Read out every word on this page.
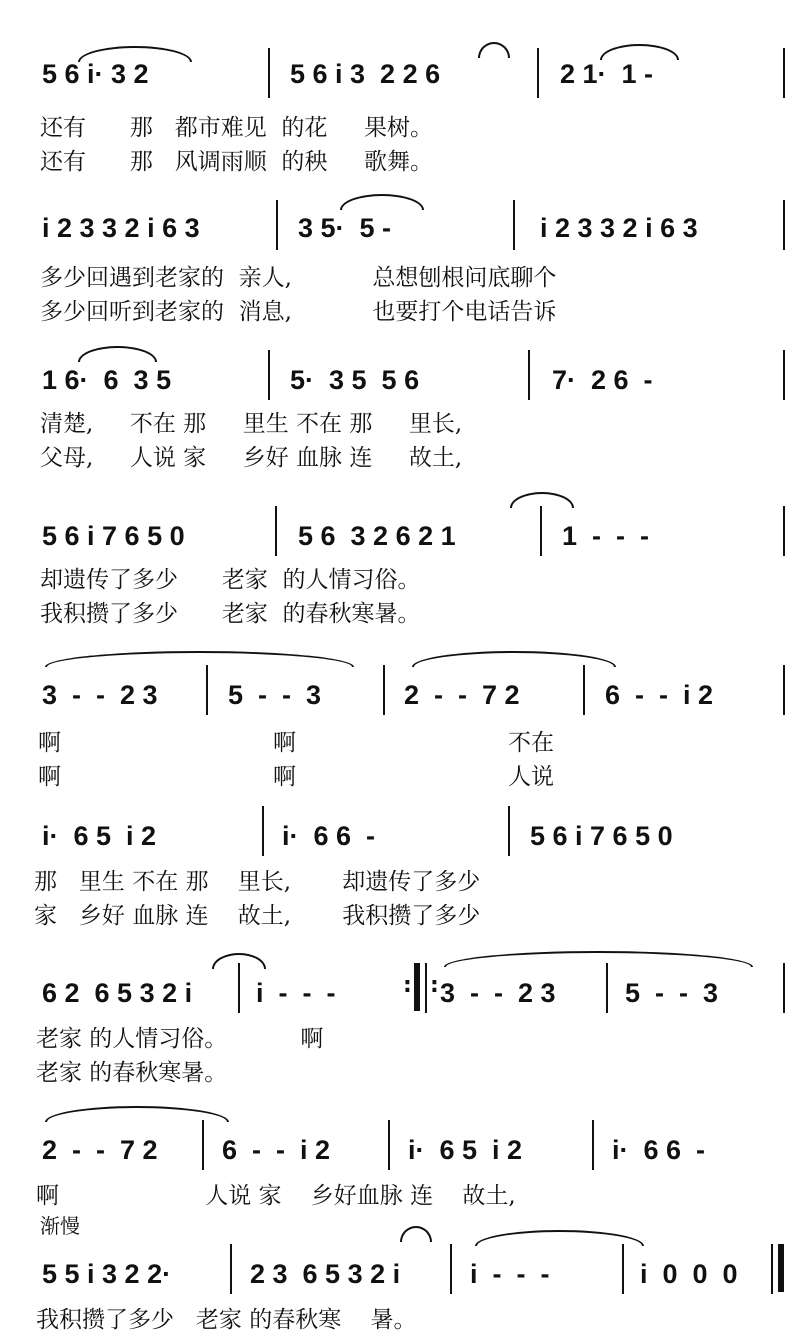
5 6 i· 3 2	5 6 i 3  2 2 6	2 1·  1 -
还有      那   都市难见  的花     果树。
还有      那   风调雨顺  的秧     歌舞。
i 2 3 3 2 i 6 3	3 5·  5 -	i 2 3 3 2 i 6 3
多少回遇到老家的  亲人,           总想刨根问底聊个
多少回听到老家的  消息,           也要打个电话告诉
1 6·  6  3 5	5·  3 5  5 6	7·  2 6  -
清楚,     不在 那     里生 不在 那     里长,
父母,     人说 家     乡好 血脉 连     故土,
5 6 i 7 6 5 0	5 6  3 2 6 2 1	1  -  -  -
却遗传了多少      老家  的人情习俗。
我积攒了多少      老家  的春秋寒暑。
3  -  -  2 3	5  -  -  3	2  -  -  7 2	6  -  -  i 2
啊                             啊                             不在
啊                             啊                             人说
i·  6 5  i 2	i·  6 6  -	5 6 i 7 6 5 0
那   里生 不在 那    里长,       却遗传了多少
家   乡好 血脉 连    故土,       我积攒了多少
6 2  6 5 3 2 i i  -  -  -	3  -  -  2 3	5  -  -  3
: :
老家 的人情习俗。          啊
老家 的春秋寒暑。
2  -  -  7 2 6  -  -  i 2	i·  6 5  i 2	i·  6 6  -
啊                    人说 家    乡好血脉 连    故土,
渐慢
5 5 i 3 2 2·	2 3  6 5 3 2 i	i  -  -  -	i  0  0  0
我积攒了多少   老家 的春秋寒    暑。
